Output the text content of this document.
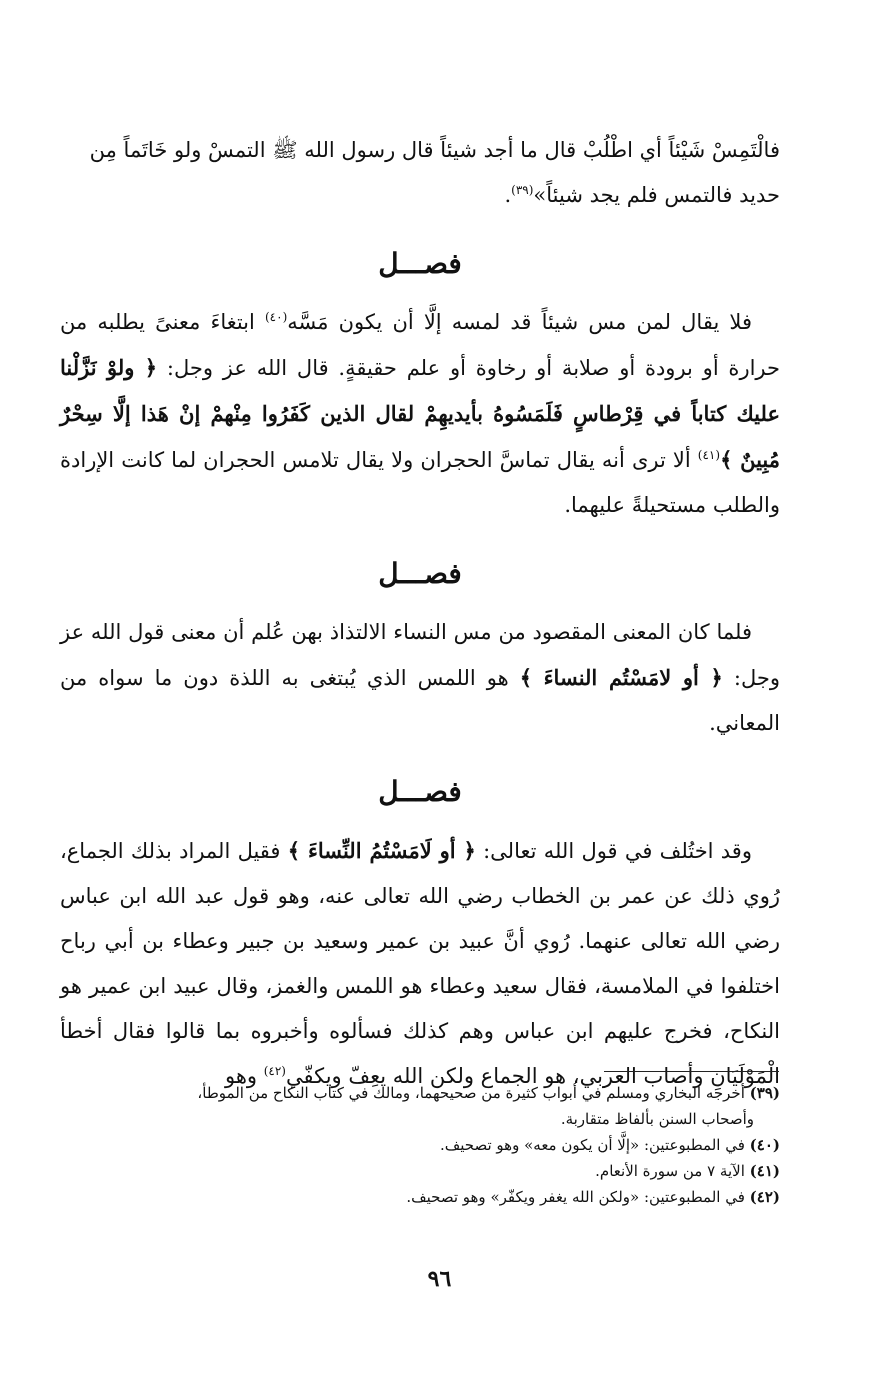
فالْتَمِسْ شَيْئاً أي اطْلُبْ قال ما أجد شيئاً قال رسول الله ﷺ التمسْ ولو خَاتَماً مِن
حديد فالتمس فلم يجد شيئاً»$^{(٣٩)}$.

فصـــل

فلا يقال لمن مس شيئاً قد لمسه إلَّا أن يكون مَسَّه$^{(٤٠)}$ ابتغاءَ معنىً يطلبه من حرارة أو برودة أو صلابة أو رخاوة أو علم حقيقةٍ. قال الله عز وجل: ﴿ ولوْ نَزَّلْنا عليك كتاباً في قِرْطاسٍ فَلَمَسُوهُ بأيديهِمْ لقال الذين كَفَرُوا مِنْهمْ إنْ هَذا إلَّا سِحْرٌ مُبِينٌ ﴾$^{(٤١)}$ ألا ترى أنه يقال تماسَّ الحجران ولا يقال تلامس الحجران لما كانت الإرادة والطلب مستحيلةً عليهما.

فصـــل

فلما كان المعنى المقصود من مس النساء الالتذاذ بهن عُلم أن معنى قول الله عز وجل: ﴿ أو لامَسْتُم النساءَ ﴾ هو اللمس الذي يُبتغى به اللذة دون ما سواه من المعاني.

فصـــل

وقد اختُلف في قول الله تعالى: ﴿ أو لَامَسْتُمُ النِّساءَ ﴾ فقيل المراد بذلك الجماع، رُوي ذلك عن عمر بن الخطاب رضي الله تعالى عنه، وهو قول عبد الله ابن عباس رضي الله تعالى عنهما. رُوي أنَّ عبيد بن عمير وسعيد بن جبير وعطاء بن أبي رباح اختلفوا في الملامسة، فقال سعيد وعطاء هو اللمس والغمز، وقال عبيد ابن عمير هو النكاح، فخرج عليهم ابن عباس وهم كذلك فسألوه وأخبروه بما قالوا فقال أخطأ الْمَوْلَيَانِ وأصاب العربي، هو الجماع ولكن الله يعِفّ ويكفّي$^{(٤٢)}$ وهو

(٣٩) أخرجه البخاري ومسلم في أبواب كثيرة من صحيحهما، ومالك في كتاب النكاح من الموطأ،
وأصحاب السنن بألفاظ متقاربة.

(٤٠) في المطبوعتين: «إلَّا أن يكون معه» وهو تصحيف.

(٤١) الآية ٧ من سورة الأنعام.

(٤٢) في المطبوعتين: «ولكن الله يغفر ويكفّر» وهو تصحيف.

٩٦
